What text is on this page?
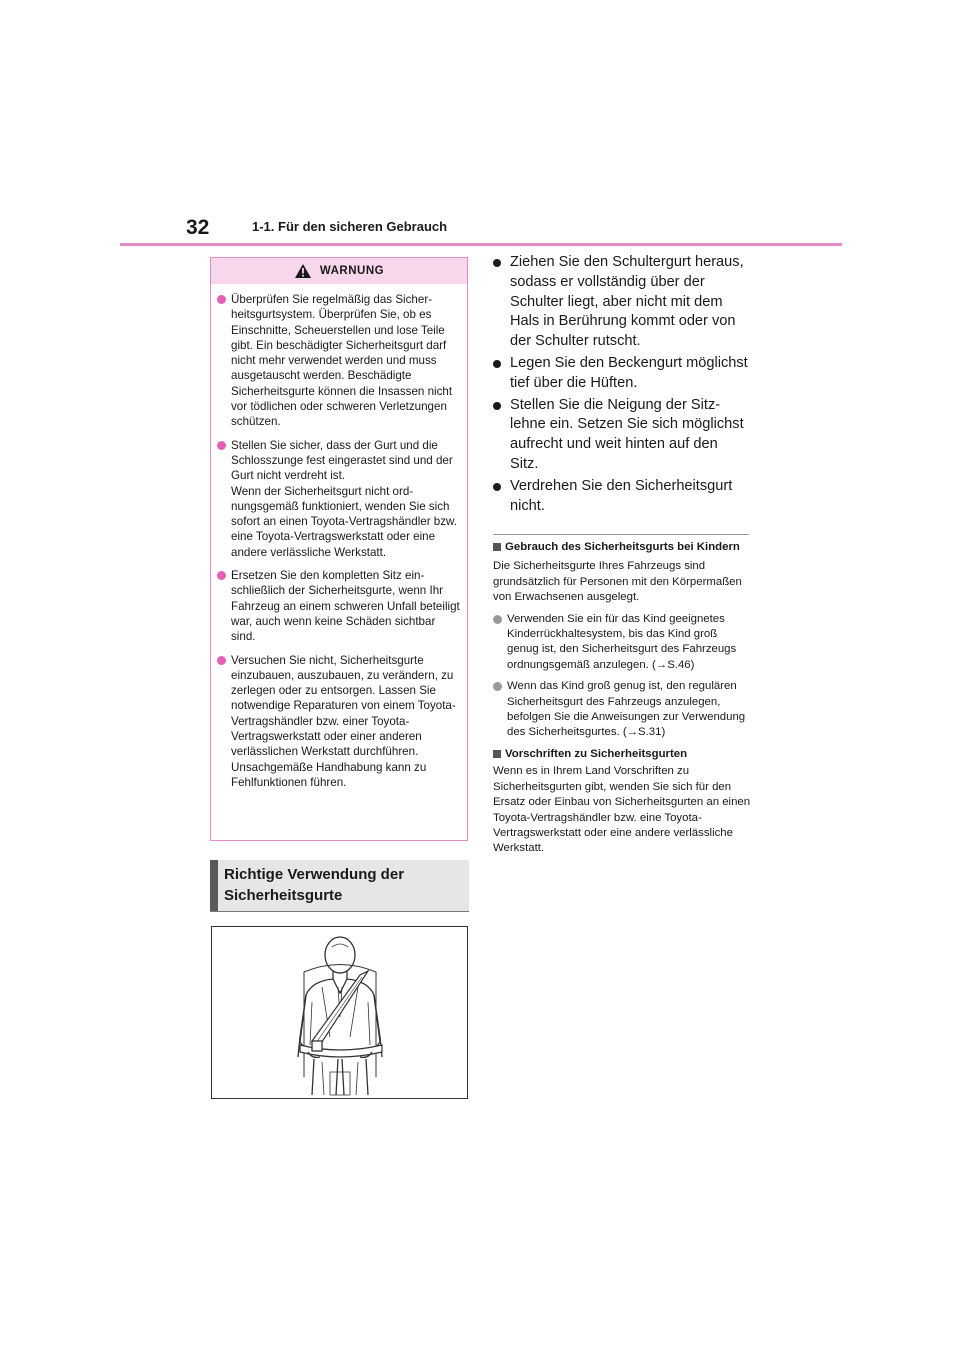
32	1-1. Für den sicheren Gebrauch
WARNUNG
Überprüfen Sie regelmäßig das Sicherheitsgurtsystem. Überprüfen Sie, ob es Einschnitte, Scheuerstellen und lose Teile gibt. Ein beschädigter Sicherheitsgurt darf nicht mehr verwendet werden und muss ausgetauscht werden. Beschädigte Sicherheitsgurte können die Insassen nicht vor tödlichen oder schweren Verletzungen schützen.
Stellen Sie sicher, dass der Gurt und die Schlosszunge fest eingerastet sind und der Gurt nicht verdreht ist.
Wenn der Sicherheitsgurt nicht ordnungsgemäß funktioniert, wenden Sie sich sofort an einen Toyota-Vertragshändler bzw. eine Toyota-Vertragswerkstatt oder eine andere verlässliche Werkstatt.
Ersetzen Sie den kompletten Sitz einschließlich der Sicherheitsgurte, wenn Ihr Fahrzeug an einem schweren Unfall beteiligt war, auch wenn keine Schäden sichtbar sind.
Versuchen Sie nicht, Sicherheitsgurte einzubauen, auszubauen, zu verändern, zu zerlegen oder zu entsorgen. Lassen Sie notwendige Reparaturen von einem Toyota-Vertragshändler bzw. einer Toyota-Vertragswerkstatt oder einer anderen verlässlichen Werkstatt durchführen. Unsachgemäße Handhabung kann zu Fehlfunktionen führen.
Richtige Verwendung der Sicherheitsgurte
Ziehen Sie den Schultergurt heraus, sodass er vollständig über der Schulter liegt, aber nicht mit dem Hals in Berührung kommt oder von der Schulter rutscht.
Legen Sie den Beckengurt möglichst tief über die Hüften.
Stellen Sie die Neigung der Sitzlehne ein. Setzen Sie sich möglichst aufrecht und weit hinten auf den Sitz.
Verdrehen Sie den Sicherheitsgurt nicht.
Gebrauch des Sicherheitsgurts bei Kindern
Die Sicherheitsgurte Ihres Fahrzeugs sind grundsätzlich für Personen mit den Körpermaßen von Erwachsenen ausgelegt.
Verwenden Sie ein für das Kind geeignetes Kinderrückhaltesystem, bis das Kind groß genug ist, den Sicherheitsgurt des Fahrzeugs ordnungsgemäß anzulegen. (→S.46)
Wenn das Kind groß genug ist, den regulären Sicherheitsgurt des Fahrzeugs anzulegen, befolgen Sie die Anweisungen zur Verwendung des Sicherheitsgurtes. (→S.31)
Vorschriften zu Sicherheitsgurten
Wenn es in Ihrem Land Vorschriften zu Sicherheitsgurten gibt, wenden Sie sich für den Ersatz oder Einbau von Sicherheitsgurten an einen Toyota-Vertragshändler bzw. eine Toyota-Vertragswerkstatt oder eine andere verlässliche Werkstatt.
